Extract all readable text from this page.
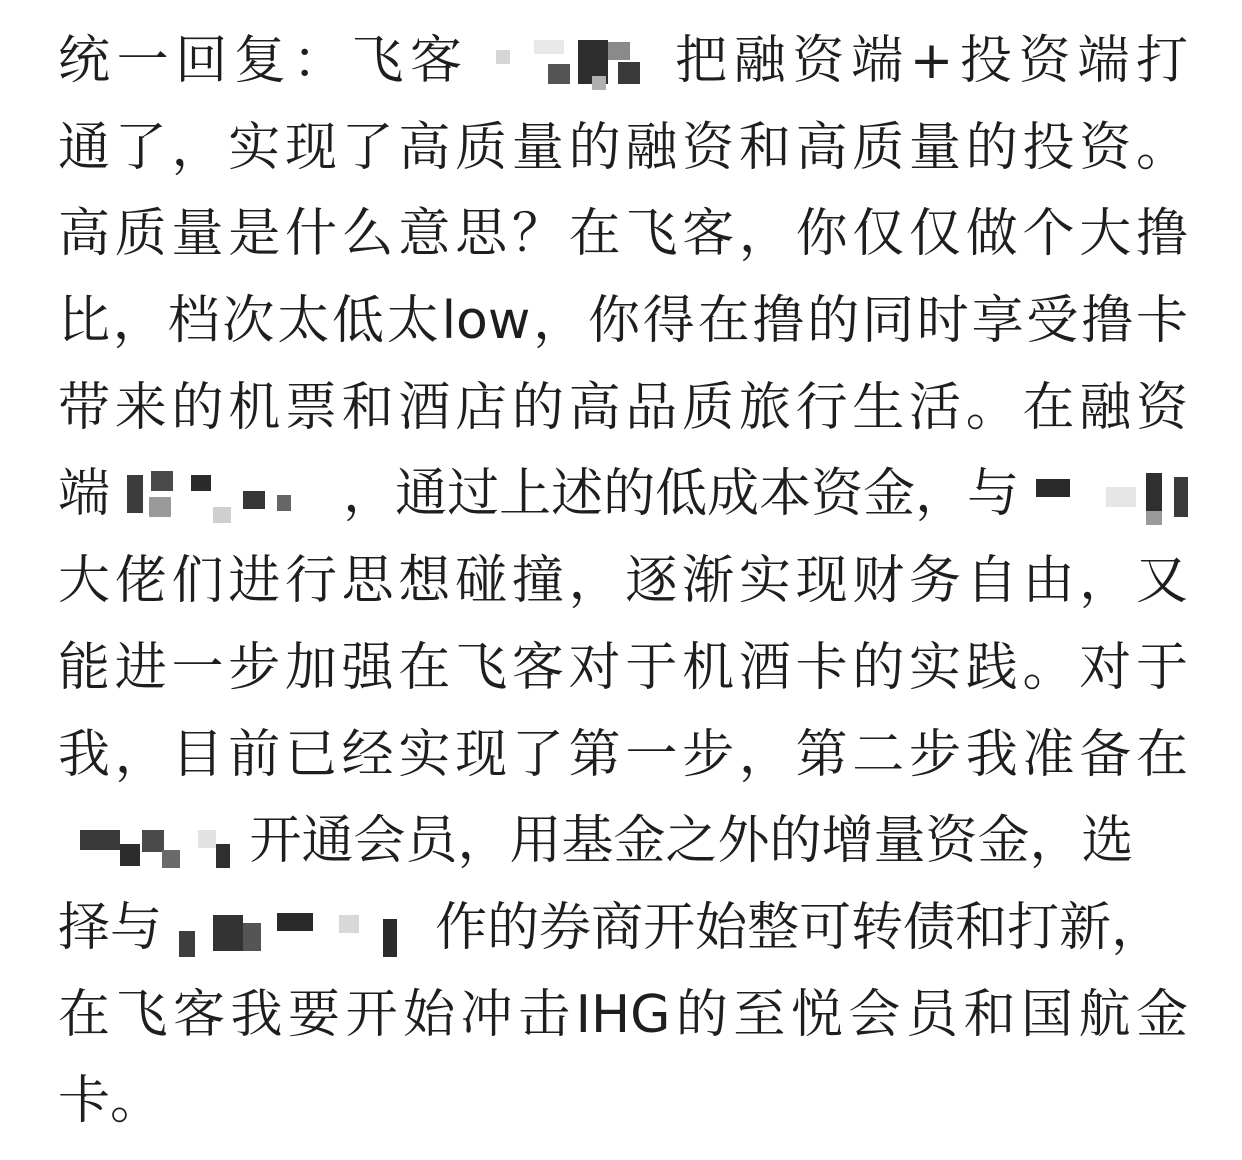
统一回复：飞客	把融资端+投资端打
通了，实现了高质量的融资和高质量的投资。
高质量是什么意思？在飞客，你仅仅做个大撸
比，档次太低太low，你得在撸的同时享受撸卡
带来的机票和酒店的高品质旅行生活。在融资
端	，通过上述的低成本资金，与
大佬们进行思想碰撞，逐渐实现财务自由，又
能进一步加强在飞客对于机酒卡的实践。对于
我，目前已经实现了第一步，第二步我准备在
开通会员，用基金之外的增量资金，选
择与	作的券商开始整可转债和打新，
在飞客我要开始冲击IHG的至悦会员和国航金
卡。
